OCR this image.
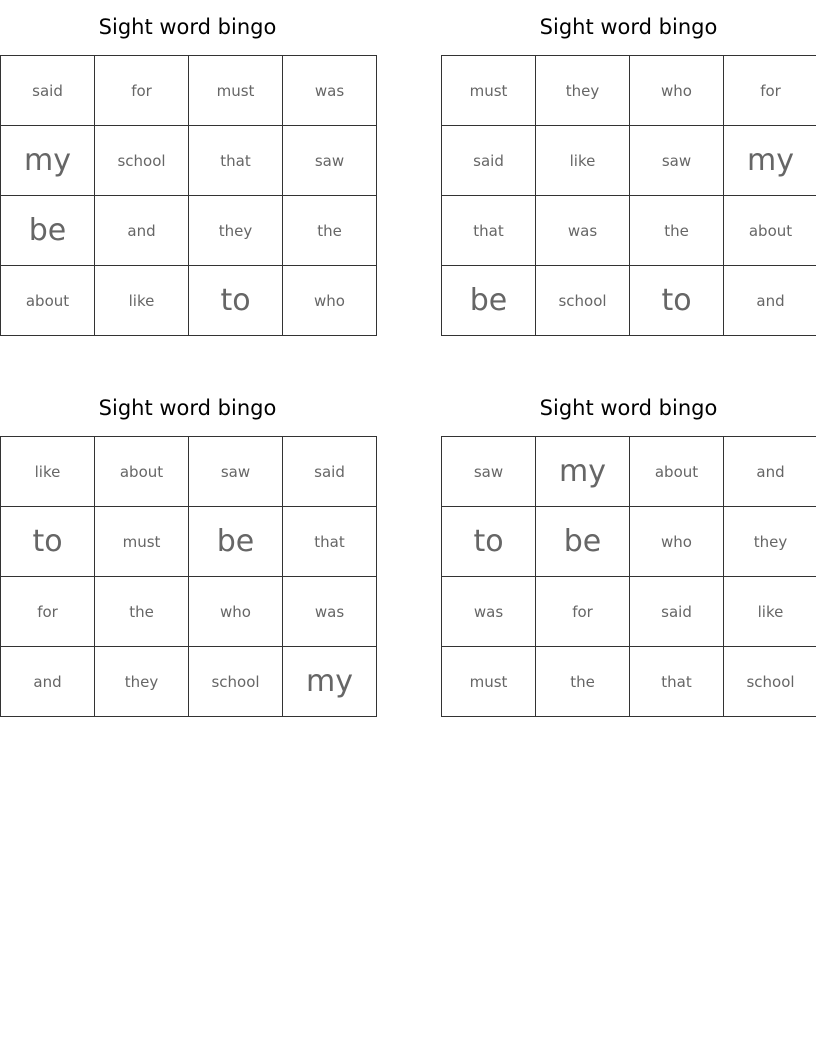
Sight word bingo
said	for	must	was
my	school	that	saw
be	and	they	the
about	like	to	who
Sight word bingo
must	they	who	for
said	like	saw	my
that	was	the	about
be	school	to	and
Sight word bingo
like	about	saw	said
to	must	be	that
for	the	who	was
and	they	school	my
Sight word bingo
saw	my	about	and
to	be	who	they
was	for	said	like
must	the	that	school
